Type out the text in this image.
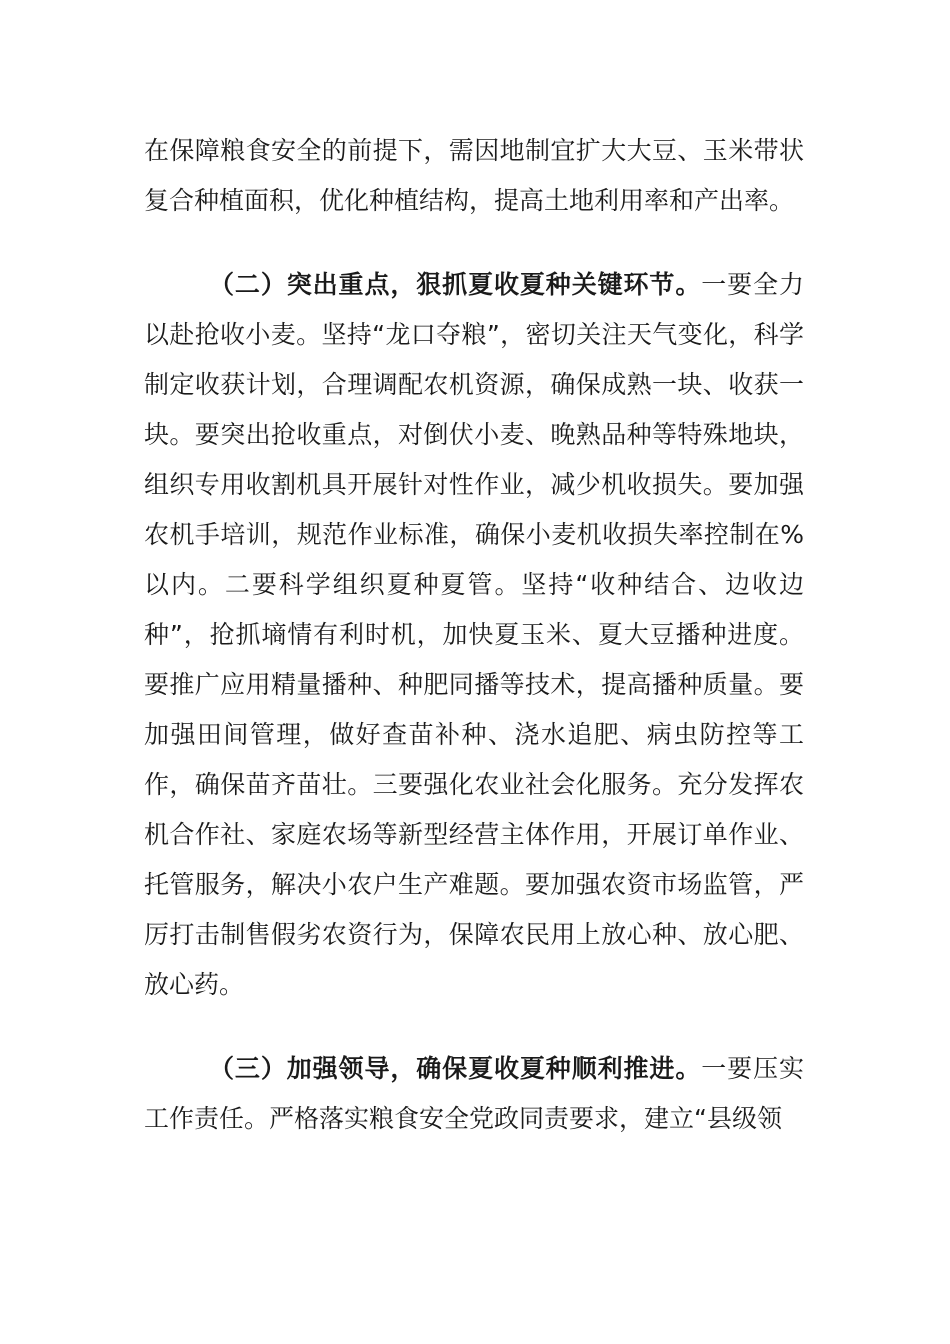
在保障粮食安全的前提下，需因地制宜扩大大豆、玉米带状复合种植面积，优化种植结构，提高土地利用率和产出率。

（二）突出重点，狠抓夏收夏种关键环节。一要全力以赴抢收小麦。坚持“龙口夺粮”，密切关注天气变化，科学制定收获计划，合理调配农机资源，确保成熟一块、收获一块。要突出抢收重点，对倒伏小麦、晚熟品种等特殊地块，组织专用收割机具开展针对性作业，减少机收损失。要加强农机手培训，规范作业标准，确保小麦机收损失率控制在%以内。二要科学组织夏种夏管。坚持“收种结合、边收边种”，抢抓墒情有利时机，加快夏玉米、夏大豆播种进度。要推广应用精量播种、种肥同播等技术，提高播种质量。要加强田间管理，做好查苗补种、浇水追肥、病虫防控等工作，确保苗齐苗壮。三要强化农业社会化服务。充分发挥农机合作社、家庭农场等新型经营主体作用，开展订单作业、托管服务，解决小农户生产难题。要加强农资市场监管，严厉打击制售假劣农资行为，保障农民用上放心种、放心肥、放心药。

（三）加强领导，确保夏收夏种顺利推进。一要压实工作责任。严格落实粮食安全党政同责要求，建立“县级领
